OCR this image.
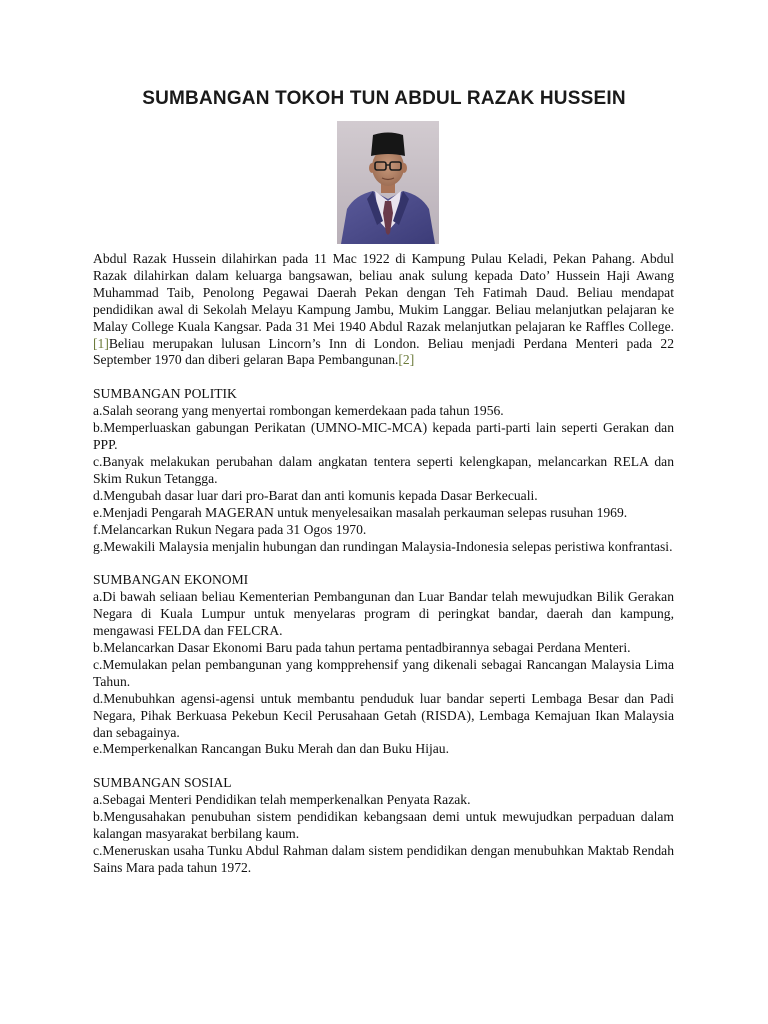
SUMBANGAN TOKOH TUN ABDUL RAZAK HUSSEIN

Abdul Razak Hussein dilahirkan pada 11 Mac 1922 di Kampung Pulau Keladi, Pekan Pahang. Abdul Razak dilahirkan dalam keluarga bangsawan, beliau anak sulung kepada Dato’ Hussein Haji Awang Muhammad Taib, Penolong Pegawai Daerah Pekan dengan Teh Fatimah Daud. Beliau mendapat pendidikan awal di Sekolah Melayu Kampung Jambu, Mukim Langgar. Beliau melanjutkan pelajaran ke Malay College Kuala Kangsar. Pada 31 Mei 1940 Abdul Razak melanjutkan pelajaran ke Raffles College.[1]Beliau merupakan lulusan Lincorn’s Inn di London. Beliau menjadi Perdana Menteri pada 22 September 1970 dan diberi gelaran Bapa Pembangunan.[2]

SUMBANGAN POLITIK

a.Salah seorang yang menyertai rombongan kemerdekaan pada tahun 1956.

b.Memperluaskan gabungan Perikatan (UMNO-MIC-MCA) kepada parti-parti lain seperti Gerakan dan PPP.

c.Banyak melakukan perubahan dalam angkatan tentera seperti kelengkapan, melancarkan RELA dan Skim Rukun Tetangga.

d.Mengubah dasar luar dari pro-Barat dan anti komunis kepada Dasar Berkecuali.

e.Menjadi Pengarah MAGERAN untuk menyelesaikan masalah perkauman selepas rusuhan 1969.

f.Melancarkan Rukun Negara pada 31 Ogos 1970.

g.Mewakili Malaysia menjalin hubungan dan rundingan Malaysia-Indonesia selepas peristiwa konfrantasi.

SUMBANGAN EKONOMI

a.Di bawah seliaan beliau Kementerian Pembangunan dan Luar Bandar telah mewujudkan Bilik Gerakan Negara di Kuala Lumpur untuk menyelaras program di peringkat bandar, daerah dan kampung, mengawasi FELDA dan FELCRA.

b.Melancarkan Dasar Ekonomi Baru pada tahun pertama pentadbirannya sebagai Perdana Menteri.

c.Memulakan pelan pembangunan yang kompprehensif yang dikenali sebagai Rancangan Malaysia Lima Tahun.

d.Menubuhkan agensi-agensi untuk membantu penduduk luar bandar seperti Lembaga Besar dan Padi Negara, Pihak Berkuasa Pekebun Kecil Perusahaan Getah (RISDA), Lembaga Kemajuan Ikan Malaysia dan sebagainya.

e.Memperkenalkan Rancangan Buku Merah dan dan Buku Hijau.

SUMBANGAN SOSIAL

a.Sebagai Menteri Pendidikan telah memperkenalkan Penyata Razak.

b.Mengusahakan penubuhan sistem pendidikan kebangsaan demi untuk mewujudkan perpaduan dalam kalangan masyarakat berbilang kaum.

c.Meneruskan usaha Tunku Abdul Rahman dalam sistem pendidikan dengan menubuhkan Maktab Rendah Sains Mara pada tahun 1972.
